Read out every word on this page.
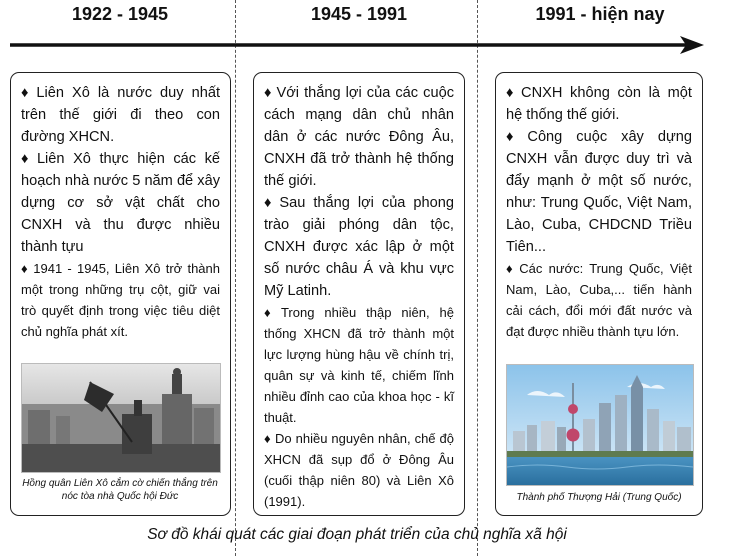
1922 - 1945	1945 - 1991	1991 - hiện nay

♦ Liên Xô là nước duy nhất trên thế giới đi theo con đường XHCN.

♦ Liên Xô thực hiện các kế hoạch nhà nước 5 năm để xây dựng cơ sở vật chất cho CNXH và thu được nhiều thành tựu

♦ 1941 - 1945, Liên Xô trở thành một trong những trụ cột, giữ vai trò quyết định trong việc tiêu diệt chủ nghĩa phát xít.

Hồng quân Liên Xô cắm cờ chiến thắng trên nóc tòa nhà Quốc hội Đức

♦ Với thắng lợi của các cuộc cách mạng dân chủ nhân dân ở các nước Đông Âu, CNXH đã trở thành hệ thống thế giới.

♦ Sau thắng lợi của phong trào giải phóng dân tộc, CNXH được xác lập ở một số nước châu Á và khu vực Mỹ Latinh.

♦ Trong nhiều thập niên, hệ thống XHCN đã trở thành một lực lượng hùng hậu về chính trị, quân sự và kinh tế, chiếm lĩnh nhiều đỉnh cao của khoa học - kĩ thuật.

♦ Do nhiều nguyên nhân, chế độ XHCN đã sụp đổ ở Đông Âu (cuối thập niên 80) và Liên Xô (1991).

♦ CNXH không còn là một hệ thống thế giới.

♦ Công cuộc xây dựng CNXH vẫn được duy trì và đẩy mạnh ở một số nước, như: Trung Quốc, Việt Nam, Lào, Cuba, CHDCND Triều Tiên...

♦ Các nước: Trung Quốc, Việt Nam, Lào, Cuba,... tiến hành cải cách, đổi mới đất nước và đạt được nhiều thành tựu lớn.

Thành phố Thượng Hải (Trung Quốc)
Sơ đồ khái quát các giai đoạn phát triển của chủ nghĩa xã hội
